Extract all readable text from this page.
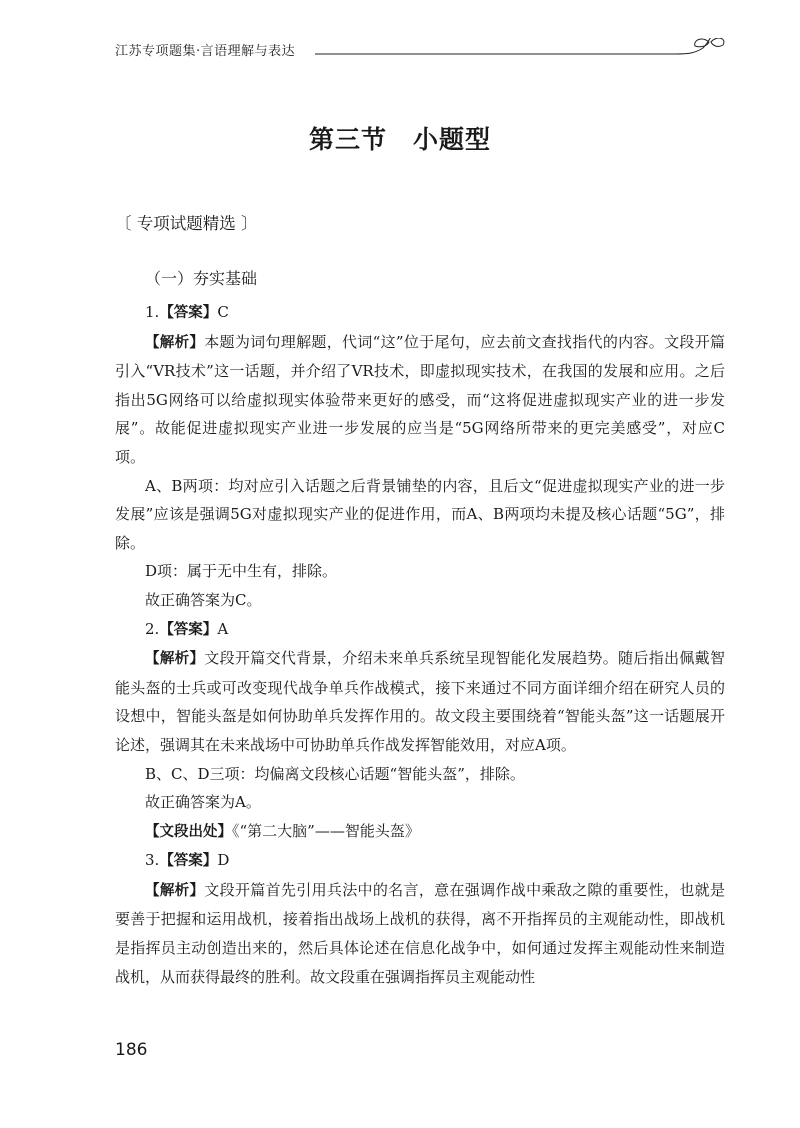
江苏专项题集·言语理解与表达
第三节　小题型
〔 专项试题精选 〕
（一）夯实基础

1.【答案】C

【解析】本题为词句理解题，代词“这”位于尾句，应去前文查找指代的内容。文段开篇引入“VR技术”这一话题，并介绍了VR技术，即虚拟现实技术，在我国的发展和应用。之后指出5G网络可以给虚拟现实体验带来更好的感受，而“这将促进虚拟现实产业的进一步发展”。故能促进虚拟现实产业进一步发展的应当是“5G网络所带来的更完美感受”，对应C项。

A、B两项：均对应引入话题之后背景铺垫的内容，且后文“促进虚拟现实产业的进一步发展”应该是强调5G对虚拟现实产业的促进作用，而A、B两项均未提及核心话题“5G”，排除。

D项：属于无中生有，排除。

故正确答案为C。

2.【答案】A

【解析】文段开篇交代背景，介绍未来单兵系统呈现智能化发展趋势。随后指出佩戴智能头盔的士兵或可改变现代战争单兵作战模式，接下来通过不同方面详细介绍在研究人员的设想中，智能头盔是如何协助单兵发挥作用的。故文段主要围绕着“智能头盔”这一话题展开论述，强调其在未来战场中可协助单兵作战发挥智能效用，对应A项。

B、C、D三项：均偏离文段核心话题“智能头盔”，排除。

故正确答案为A。

【文段出处】《“第二大脑”——智能头盔》

3.【答案】D

【解析】文段开篇首先引用兵法中的名言，意在强调作战中乘敌之隙的重要性，也就是要善于把握和运用战机，接着指出战场上战机的获得，离不开指挥员的主观能动性，即战机是指挥员主动创造出来的，然后具体论述在信息化战争中，如何通过发挥主观能动性来制造战机，从而获得最终的胜利。故文段重在强调指挥员主观能动性

186
